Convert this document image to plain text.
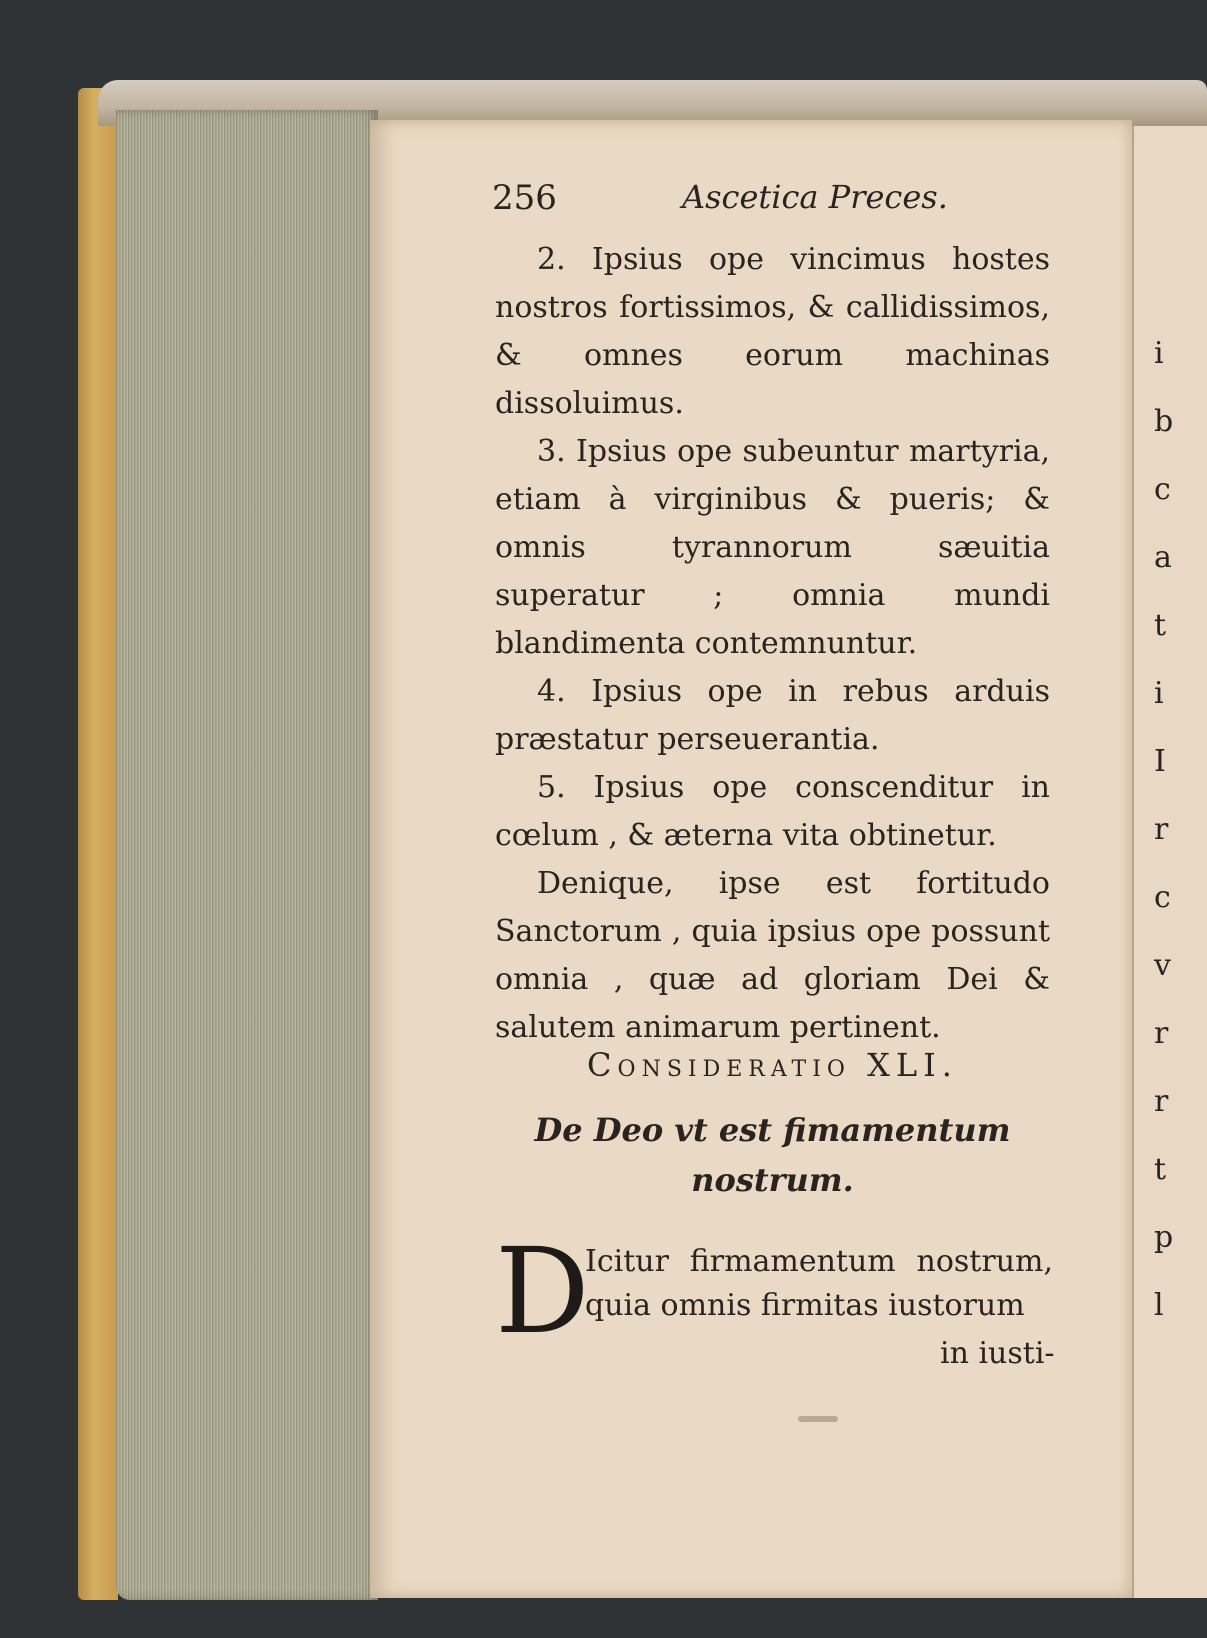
i
b
c
a
t
i
I
r
c
v
r
r
t
p
l
256	Ascetica Preces.

2. Ipsius ope vincimus hostes nostros fortissimos, & callidissimos, & omnes eorum machinas dissoluimus.

3. Ipsius ope subeuntur martyria, etiam à virginibus & pueris; & omnis tyrannorum sæuitia superatur ; omnia mundi blandimenta contemnuntur.

4. Ipsius ope in rebus arduis præstatur perseuerantia.

5. Ipsius ope conscenditur in cœlum , & æterna vita obtinetur.

Denique, ipse est fortitudo Sanctorum , quia ipsius ope possunt omnia , quæ ad gloriam Dei & salutem animarum pertinent.

Consideratio XLI.
De Deo vt est fimamentum
nostrum.
D
Icitur firmamentum nostrum, quia omnis firmitas iustorum
in iusti-
